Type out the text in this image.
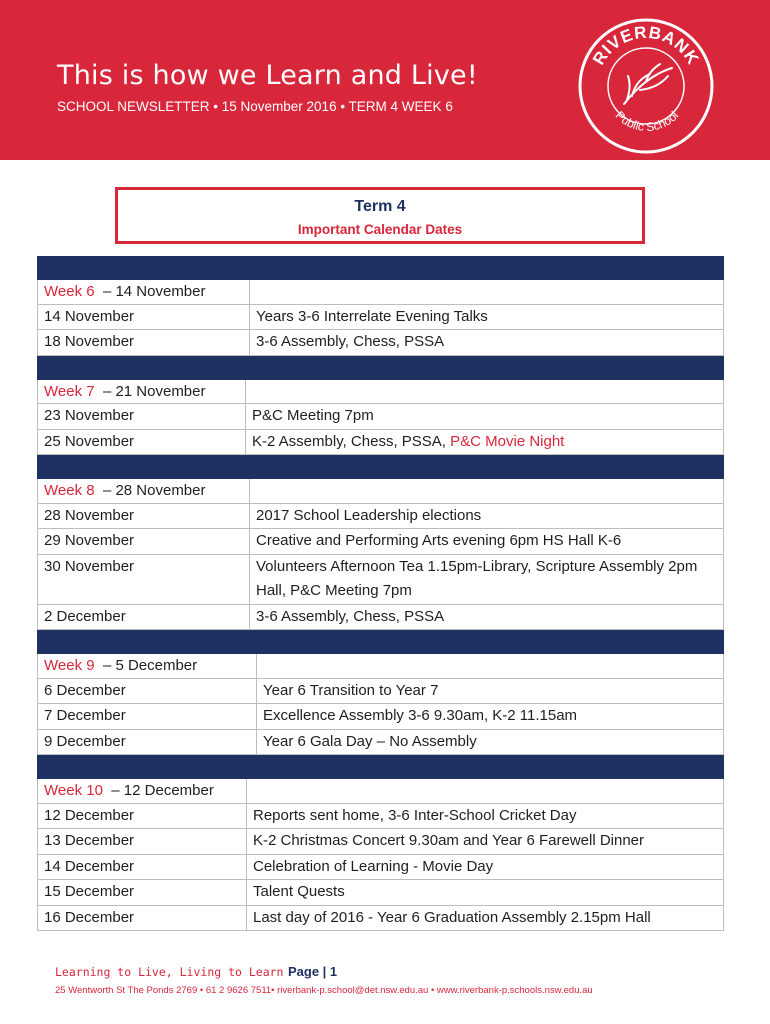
This is how we Learn and Live!
SCHOOL NEWSLETTER • 15 November 2016 • TERM 4 WEEK 6
RIVERBANK
Public School
Term 4
Important Calendar Dates
Week 6 – 14 November
14 November	Years 3-6 Interrelate Evening Talks
18 November	3-6 Assembly, Chess, PSSA
Week 7 – 21 November
23 November	P&C Meeting 7pm
25 November	K-2 Assembly, Chess, PSSA, P&C Movie Night
Week 8 – 28 November
28 November	2017 School Leadership elections
29 November	Creative and Performing Arts evening 6pm HS Hall K-6
30 November	Volunteers Afternoon Tea 1.15pm-Library, Scripture Assembly 2pm Hall, P&C Meeting 7pm
2 December	3-6 Assembly, Chess, PSSA
Week 9 – 5 December
6 December	Year 6 Transition to Year 7
7 December	Excellence Assembly 3-6 9.30am, K-2 11.15am
9 December	Year 6 Gala Day – No Assembly
Week 10 – 12 December
12 December	Reports sent home, 3-6 Inter-School Cricket Day
13 December	K-2 Christmas Concert 9.30am and Year 6 Farewell Dinner
14 December	Celebration of Learning - Movie Day
15 December	Talent Quests
16 December	Last day of 2016 - Year 6 Graduation Assembly 2.15pm Hall
Learning to Live, Living to Learn Page | 1
25 Wentworth St The Ponds 2769 • 61 2 9626 7511• riverbank-p.school@det.nsw.edu.au • www.riverbank-p.schools.nsw.edu.au
